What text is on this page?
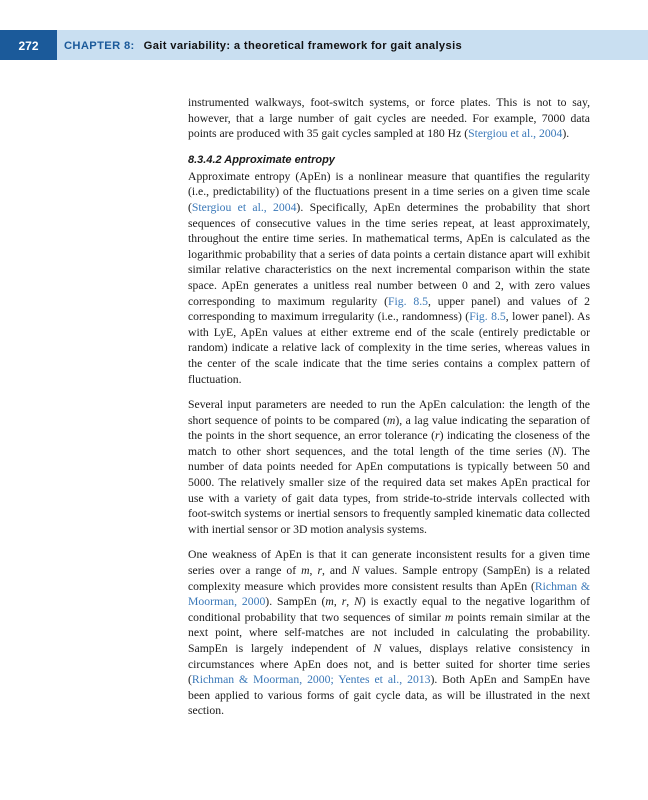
272	CHAPTER 8: Gait variability: a theoretical framework for gait analysis

instrumented walkways, foot-switch systems, or force plates. This is not to say, however, that a large number of gait cycles are needed. For example, 7000 data points are produced with 35 gait cycles sampled at 180 Hz (Stergiou et al., 2004).

8.3.4.2 Approximate entropy

Approximate entropy (ApEn) is a nonlinear measure that quantifies the regularity (i.e., predictability) of the fluctuations present in a time series on a given time scale (Stergiou et al., 2004). Specifically, ApEn determines the probability that short sequences of consecutive values in the time series repeat, at least approximately, throughout the entire time series. In mathematical terms, ApEn is calculated as the logarithmic probability that a series of data points a certain distance apart will exhibit similar relative characteristics on the next incremental comparison within the state space. ApEn generates a unitless real number between 0 and 2, with zero values corresponding to maximum regularity (Fig. 8.5, upper panel) and values of 2 corresponding to maximum irregularity (i.e., randomness) (Fig. 8.5, lower panel). As with LyE, ApEn values at either extreme end of the scale (entirely predictable or random) indicate a relative lack of complexity in the time series, whereas values in the center of the scale indicate that the time series contains a complex pattern of fluctuation.

Several input parameters are needed to run the ApEn calculation: the length of the short sequence of points to be compared (m), a lag value indicating the separation of the points in the short sequence, an error tolerance (r) indicating the closeness of the match to other short sequences, and the total length of the time series (N). The number of data points needed for ApEn computations is typically between 50 and 5000. The relatively smaller size of the required data set makes ApEn practical for use with a variety of gait data types, from stride-to-stride intervals collected with foot-switch systems or inertial sensors to frequently sampled kinematic data collected with inertial sensor or 3D motion analysis systems.

One weakness of ApEn is that it can generate inconsistent results for a given time series over a range of m, r, and N values. Sample entropy (SampEn) is a related complexity measure which provides more consistent results than ApEn (Richman & Moorman, 2000). SampEn (m, r, N) is exactly equal to the negative logarithm of conditional probability that two sequences of similar m points remain similar at the next point, where self-matches are not included in calculating the probability. SampEn is largely independent of N values, displays relative consistency in circumstances where ApEn does not, and is better suited for shorter time series (Richman & Moorman, 2000; Yentes et al., 2013). Both ApEn and SampEn have been applied to various forms of gait cycle data, as will be illustrated in the next section.
